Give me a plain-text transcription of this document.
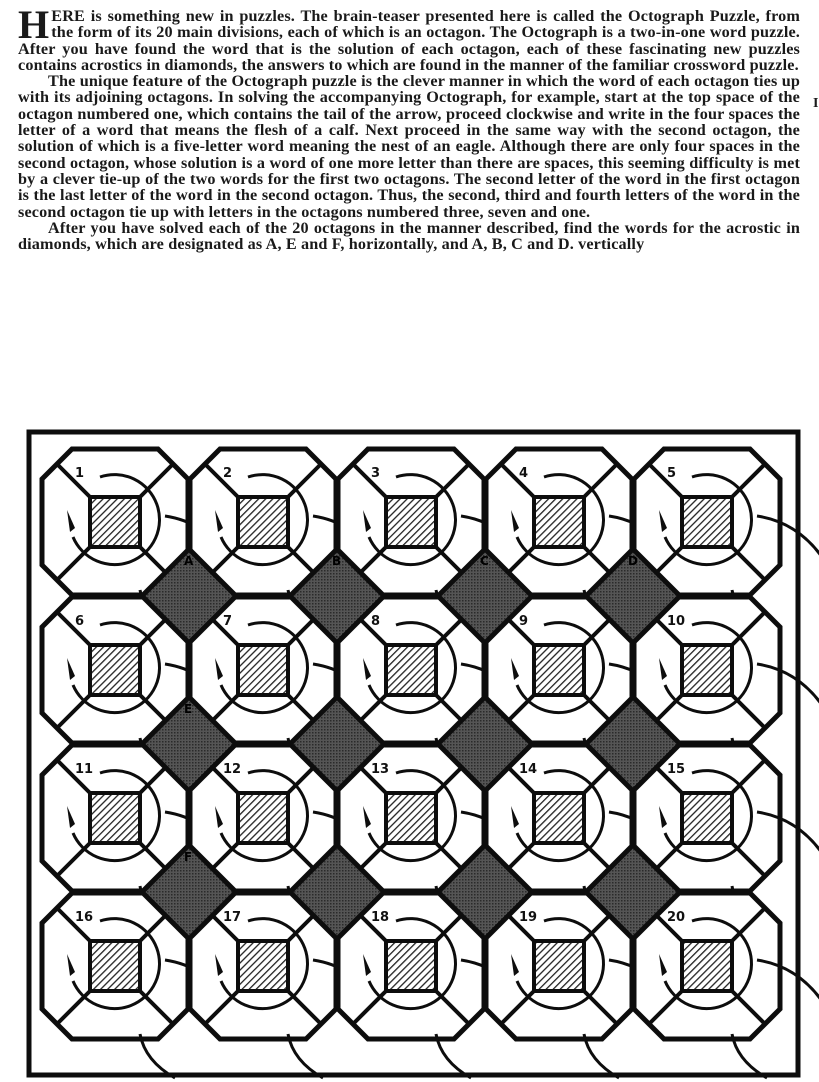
HERE is something new in puzzles. The brain-teaser presented here is called the Octograph Puzzle, from the form of its 20 main divisions, each of which is an octagon. The Octograph is a two-in-one word puzzle. After you have found the word that is the solution of each octagon, each of these fascinating new puzzles contains acrostics in diamonds, the answers to which are found in the manner of the familiar crossword puzzle.

The unique feature of the Octograph puzzle is the clever manner in which the word of each octagon ties up with its adjoining octagons. In solving the accompanying Octograph, for example, start at the top space of the octagon numbered one, which contains the tail of the arrow, proceed clockwise and write in the four spaces the letter of a word that means the flesh of a calf. Next proceed in the same way with the second octagon, the solution of which is a five-letter word meaning the nest of an eagle. Although there are only four spaces in the second octagon, whose solution is a word of one more letter than there are spaces, this seeming difficulty is met by a clever tie-up of the two words for the first two octagons. The second letter of the word in the first octagon is the last letter of the word in the second octagon. Thus, the second, third and fourth letters of the word in the second octagon tie up with letters in the octagons numbered three, seven and one.

After you have solved each of the 20 octagons in the manner described, find the words for the acrostic in diamonds, which are designated as A, E and F, horizontally, and A, B, C and D. vertically

I
1	2	3	4	5
6	7	8	9	10
11	12	13	14	15
16	17	18	19	20
A	B	C	D
E
F
